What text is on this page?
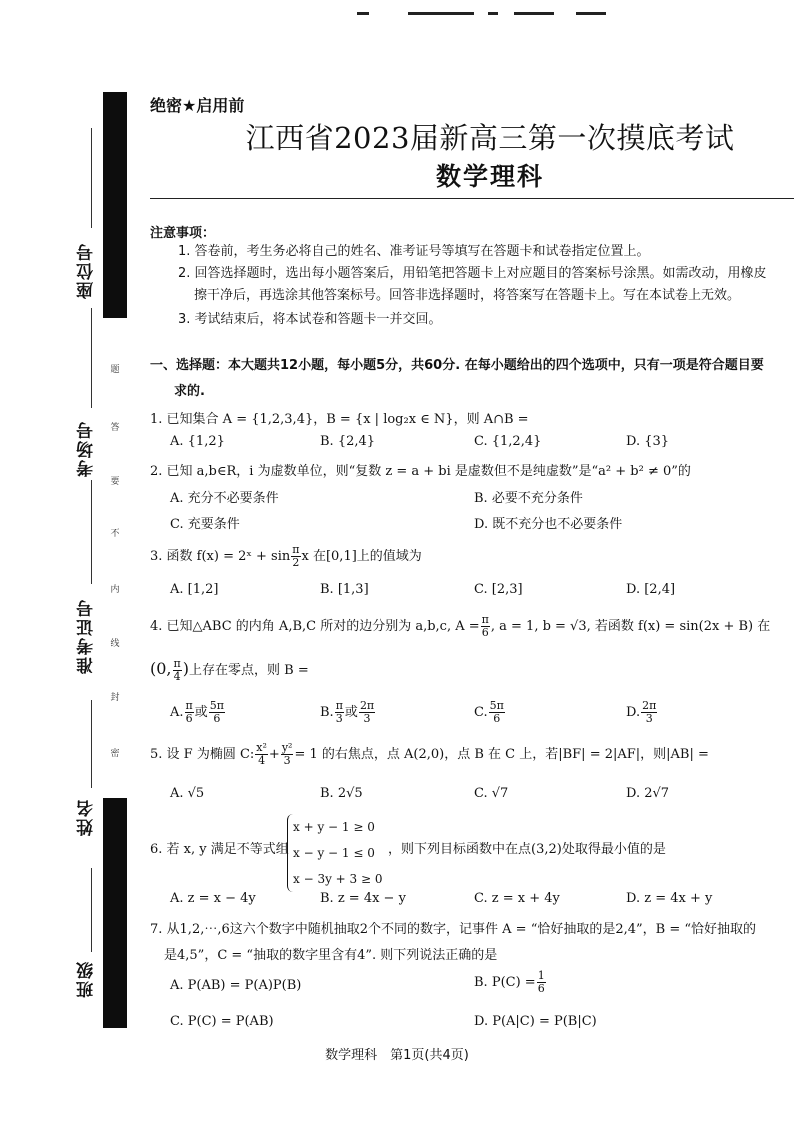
题
答
要
不
内
线
封
密
座位号
考场号
准考证号
姓名
班级
绝密★启用前
江西省2023届新高三第一次摸底考试
数学理科
注意事项：
1. 答卷前，考生务必将自己的姓名、准考证号等填写在答题卡和试卷指定位置上。
2. 回答选择题时，选出每小题答案后，用铅笔把答题卡上对应题目的答案标号涂黑。如需改动，用橡皮
擦干净后，再选涂其他答案标号。回答非选择题时，将答案写在答题卡上。写在本试卷上无效。
3. 考试结束后，将本试卷和答题卡一并交回。
一、选择题：本大题共12小题，每小题5分，共60分. 在每小题给出的四个选项中，只有一项是符合题目要
求的.
1. 已知集合 A = {1,2,3,4}，B = {x | log₂x ∈ N}，则 A∩B =
A. {1,2}	B. {2,4}	C. {1,2,4}	D. {3}
2. 已知 a,b∈R，i 为虚数单位，则“复数 z = a + bi 是虚数但不是纯虚数”是“a² + b² ≠ 0”的
A. 充分不必要条件	B. 必要不充分条件
C. 充要条件	D. 既不充分也不必要条件
3. 函数 f(x) = 2ˣ + $\sin \frac{\pi}{2}$ x 在[0,1]上的值域为
A. [1,2]	B. [1,3]	C. [2,3]	D. [2,4]
4. 已知△ABC 的内角 A,B,C 所对的边分别为 a,b,c, $A = \frac{\pi}{6}$ , a = 1, b = √3, 若函数 f(x) = sin(2x + B) 在
(0, $\frac{\pi}{4}$ )上存在零点，则 B =
A. $\frac{\pi}{6}$ 或 $\frac{5\pi}{6}$	B. $\frac{\pi}{3}$ 或 $\frac{2\pi}{3}$	C. $\frac{5\pi}{6}$	D. $\frac{2\pi}{3}$
5. 设 F 为椭圆 C: $\frac{\text{x²}}{4} + \frac{\text{y²}}{3} = 1$ 的右焦点，点 A(2,0)，点 B 在 C 上，若|BF| = 2|AF|，则|AB| =
A. √5	B. 2√5	C. √7	D. 2√7
6. 若 x, y 满足不等式组
x + y − 1 ≥ 0
x − y − 1 ≤ 0
x − 3y + 3 ≥ 0
，则下列目标函数中在点(3,2)处取得最小值的是
A. z = x − 4y	B. z = 4x − y	C. z = x + 4y	D. z = 4x + y
7. 从1,2,⋯,6这六个数字中随机抽取2个不同的数字，记事件 A = “恰好抽取的是2,4”，B = “恰好抽取的
是4,5”，C = “抽取的数字里含有4”. 则下列说法正确的是
A. P(AB) = P(A)P(B)	B. $P(C) = \frac{1}{6}$
C. P(C) = P(AB)	D. P(A|C) = P(B|C)
数学理科　第1页(共4页)
